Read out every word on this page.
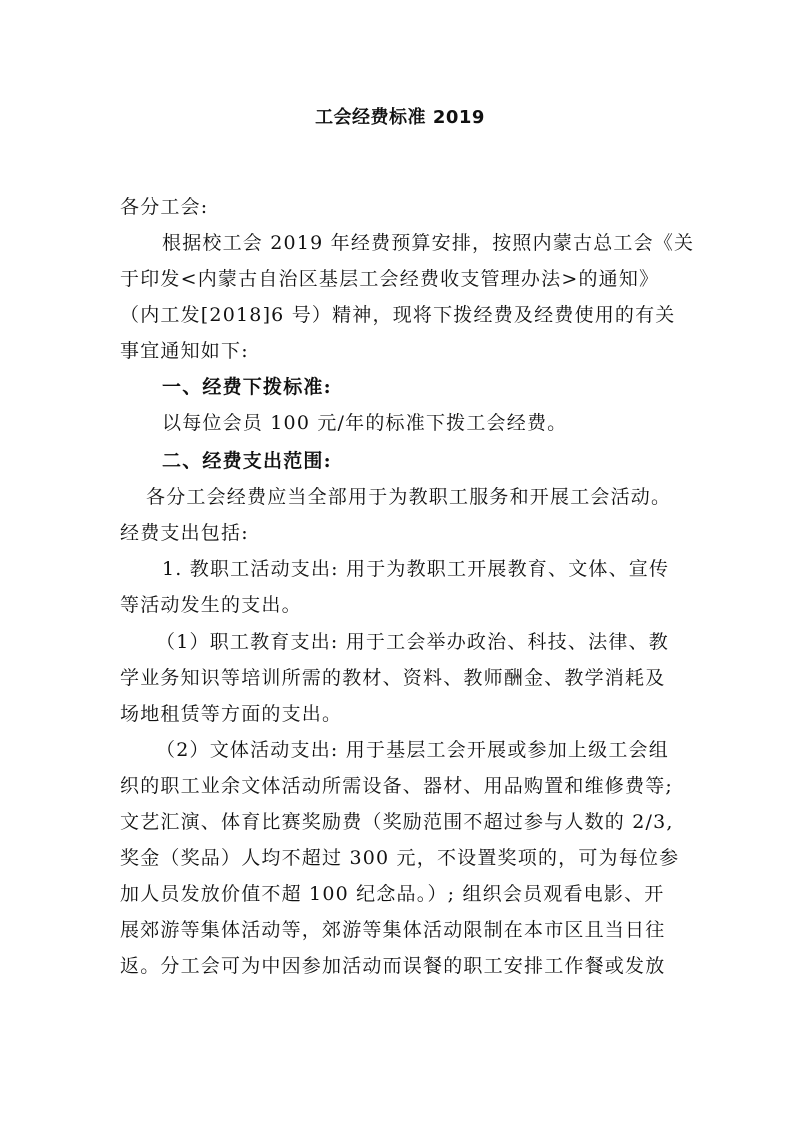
工会经费标准 2019
各分工会:
根据校工会 2019 年经费预算安排，按照内蒙古总工会《关
于印发<内蒙古自治区基层工会经费收支管理办法>的通知》
（内工发[2018]6 号）精神，现将下拨经费及经费使用的有关
事宜通知如下:
一、经费下拨标准:
以每位会员 100 元/年的标准下拨工会经费。
二、经费支出范围:
各分工会经费应当全部用于为教职工服务和开展工会活动。
经费支出包括:
1. 教职工活动支出: 用于为教职工开展教育、文体、宣传
等活动发生的支出。
（1）职工教育支出: 用于工会举办政治、科技、法律、教
学业务知识等培训所需的教材、资料、教师酬金、教学消耗及
场地租赁等方面的支出。
（2）文体活动支出: 用于基层工会开展或参加上级工会组
织的职工业余文体活动所需设备、器材、用品购置和维修费等;
文艺汇演、体育比赛奖励费（奖励范围不超过参与人数的 2/3,
奖金（奖品）人均不超过 300 元，不设置奖项的，可为每位参
加人员发放价值不超 100 纪念品。）; 组织会员观看电影、开
展郊游等集体活动等，郊游等集体活动限制在本市区且当日往
返。分工会可为中因参加活动而误餐的职工安排工作餐或发放
